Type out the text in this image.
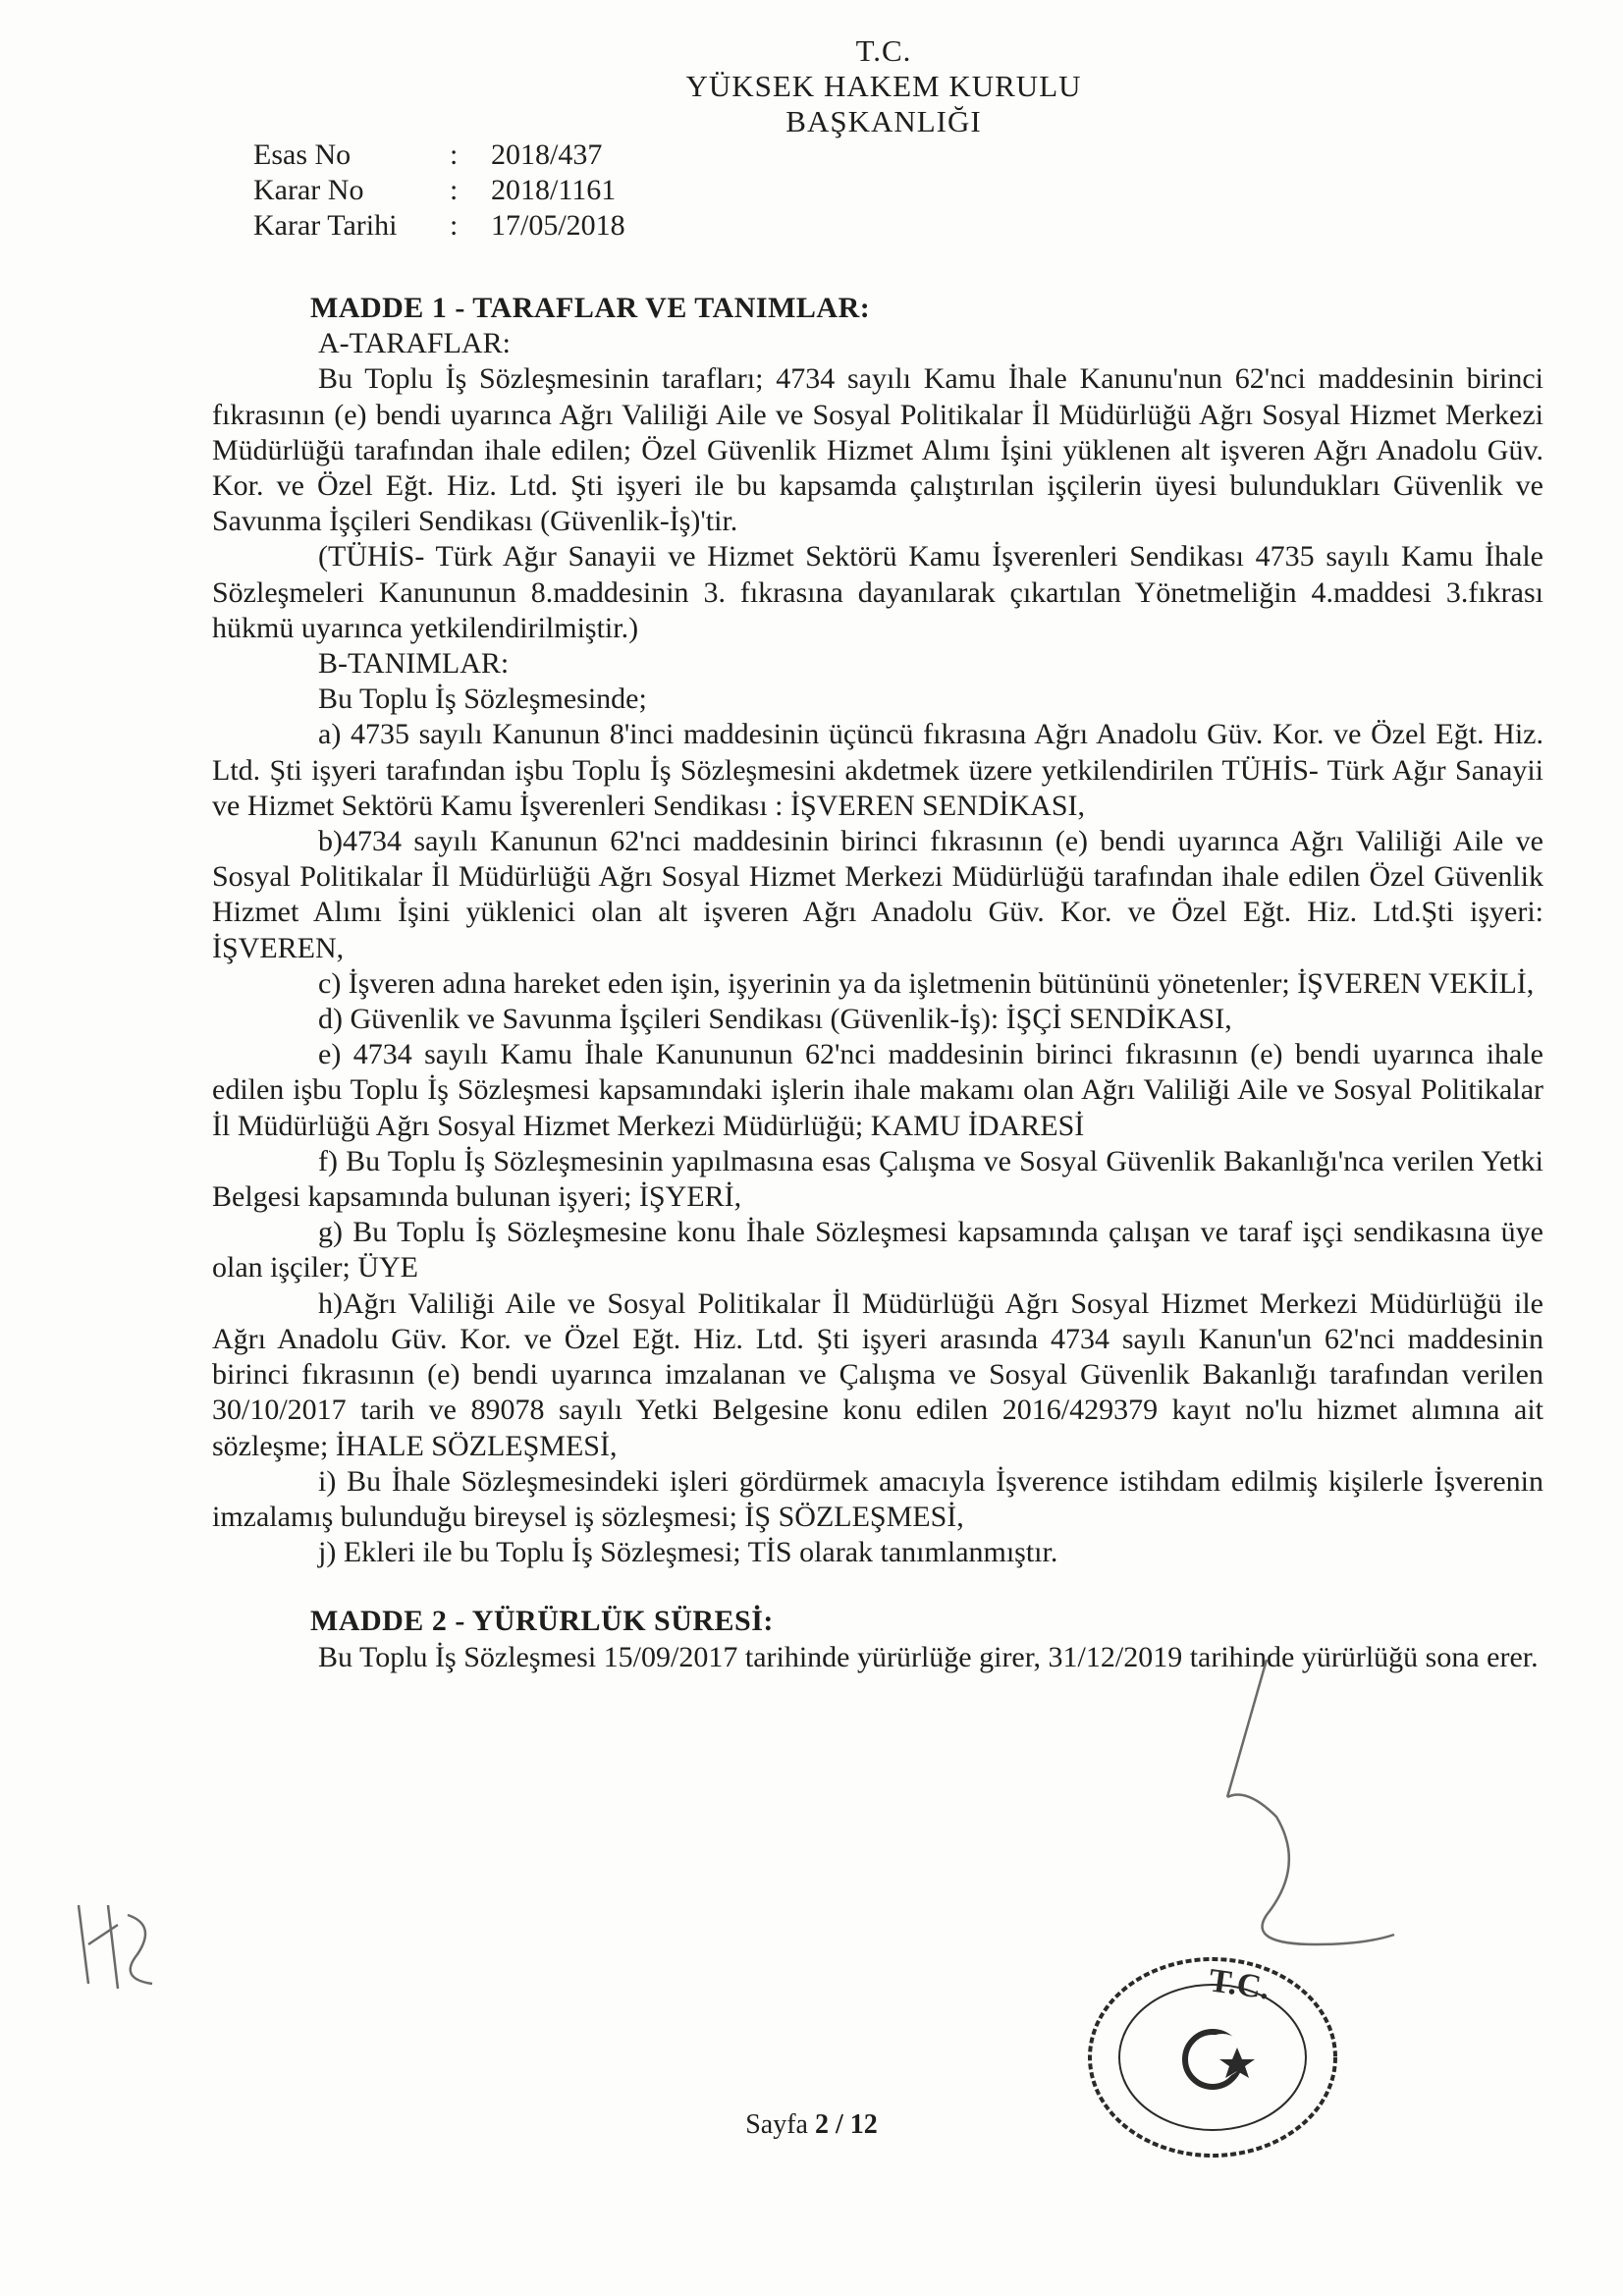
T.C.
YÜKSEK HAKEM KURULU
BAŞKANLIĞI
Esas No	:	2018/437
Karar No	:	2018/1161
Karar Tarihi	:	17/05/2018
MADDE 1 - TARAFLAR VE TANIMLAR:
A-TARAFLAR:
Bu Toplu İş Sözleşmesinin tarafları; 4734 sayılı Kamu İhale Kanunu'nun 62'nci maddesinin birinci fıkrasının (e) bendi uyarınca Ağrı Valiliği Aile ve Sosyal Politikalar İl Müdürlüğü Ağrı Sosyal Hizmet Merkezi Müdürlüğü tarafından ihale edilen; Özel Güvenlik Hizmet Alımı İşini yüklenen alt işveren Ağrı Anadolu Güv. Kor. ve Özel Eğt. Hiz. Ltd. Şti işyeri ile bu kapsamda çalıştırılan işçilerin üyesi bulundukları Güvenlik ve Savunma İşçileri Sendikası (Güvenlik-İş)'tir.
(TÜHİS- Türk Ağır Sanayii ve Hizmet Sektörü Kamu İşverenleri Sendikası 4735 sayılı Kamu İhale Sözleşmeleri Kanununun 8.maddesinin 3. fıkrasına dayanılarak çıkartılan Yönetmeliğin 4.maddesi 3.fıkrası hükmü uyarınca yetkilendirilmiştir.)
B-TANIMLAR:
Bu Toplu İş Sözleşmesinde;
a) 4735 sayılı Kanunun 8'inci maddesinin üçüncü fıkrasına Ağrı Anadolu Güv. Kor. ve Özel Eğt. Hiz. Ltd. Şti işyeri tarafından işbu Toplu İş Sözleşmesini akdetmek üzere yetkilendirilen TÜHİS- Türk Ağır Sanayii ve Hizmet Sektörü Kamu İşverenleri Sendikası : İŞVEREN SENDİKASI,
b)4734 sayılı Kanunun 62'nci maddesinin birinci fıkrasının (e) bendi uyarınca Ağrı Valiliği Aile ve Sosyal Politikalar İl Müdürlüğü Ağrı Sosyal Hizmet Merkezi Müdürlüğü tarafından ihale edilen Özel Güvenlik Hizmet Alımı İşini yüklenici olan alt işveren Ağrı Anadolu Güv. Kor. ve Özel Eğt. Hiz. Ltd.Şti işyeri: İŞVEREN,
c) İşveren adına hareket eden işin, işyerinin ya da işletmenin bütününü yönetenler; İŞVEREN VEKİLİ,
d) Güvenlik ve Savunma İşçileri Sendikası (Güvenlik-İş): İŞÇİ SENDİKASI,
e) 4734 sayılı Kamu İhale Kanununun 62'nci maddesinin birinci fıkrasının (e) bendi uyarınca ihale edilen işbu Toplu İş Sözleşmesi kapsamındaki işlerin ihale makamı olan Ağrı Valiliği Aile ve Sosyal Politikalar İl Müdürlüğü Ağrı Sosyal Hizmet Merkezi Müdürlüğü; KAMU İDARESİ
f) Bu Toplu İş Sözleşmesinin yapılmasına esas Çalışma ve Sosyal Güvenlik Bakanlığı'nca verilen Yetki Belgesi kapsamında bulunan işyeri; İŞYERİ,
g) Bu Toplu İş Sözleşmesine konu İhale Sözleşmesi kapsamında çalışan ve taraf işçi sendikasına üye olan işçiler; ÜYE
h)Ağrı Valiliği Aile ve Sosyal Politikalar İl Müdürlüğü Ağrı Sosyal Hizmet Merkezi Müdürlüğü ile Ağrı Anadolu Güv. Kor. ve Özel Eğt. Hiz. Ltd. Şti işyeri arasında 4734 sayılı Kanun'un 62'nci maddesinin birinci fıkrasının (e) bendi uyarınca imzalanan ve Çalışma ve Sosyal Güvenlik Bakanlığı tarafından verilen 30/10/2017 tarih ve 89078 sayılı Yetki Belgesine konu edilen 2016/429379 kayıt no'lu hizmet alımına ait sözleşme; İHALE SÖZLEŞMESİ,
i) Bu İhale Sözleşmesindeki işleri gördürmek amacıyla İşverence istihdam edilmiş kişilerle İşverenin imzalamış bulunduğu bireysel iş sözleşmesi; İŞ SÖZLEŞMESİ,
j) Ekleri ile bu Toplu İş Sözleşmesi; TİS olarak tanımlanmıştır.
MADDE 2 - YÜRÜRLÜK SÜRESİ:
Bu Toplu İş Sözleşmesi 15/09/2017 tarihinde yürürlüğe girer, 31/12/2019 tarihinde yürürlüğü sona erer.
T.C.
Sayfa 2 / 12
